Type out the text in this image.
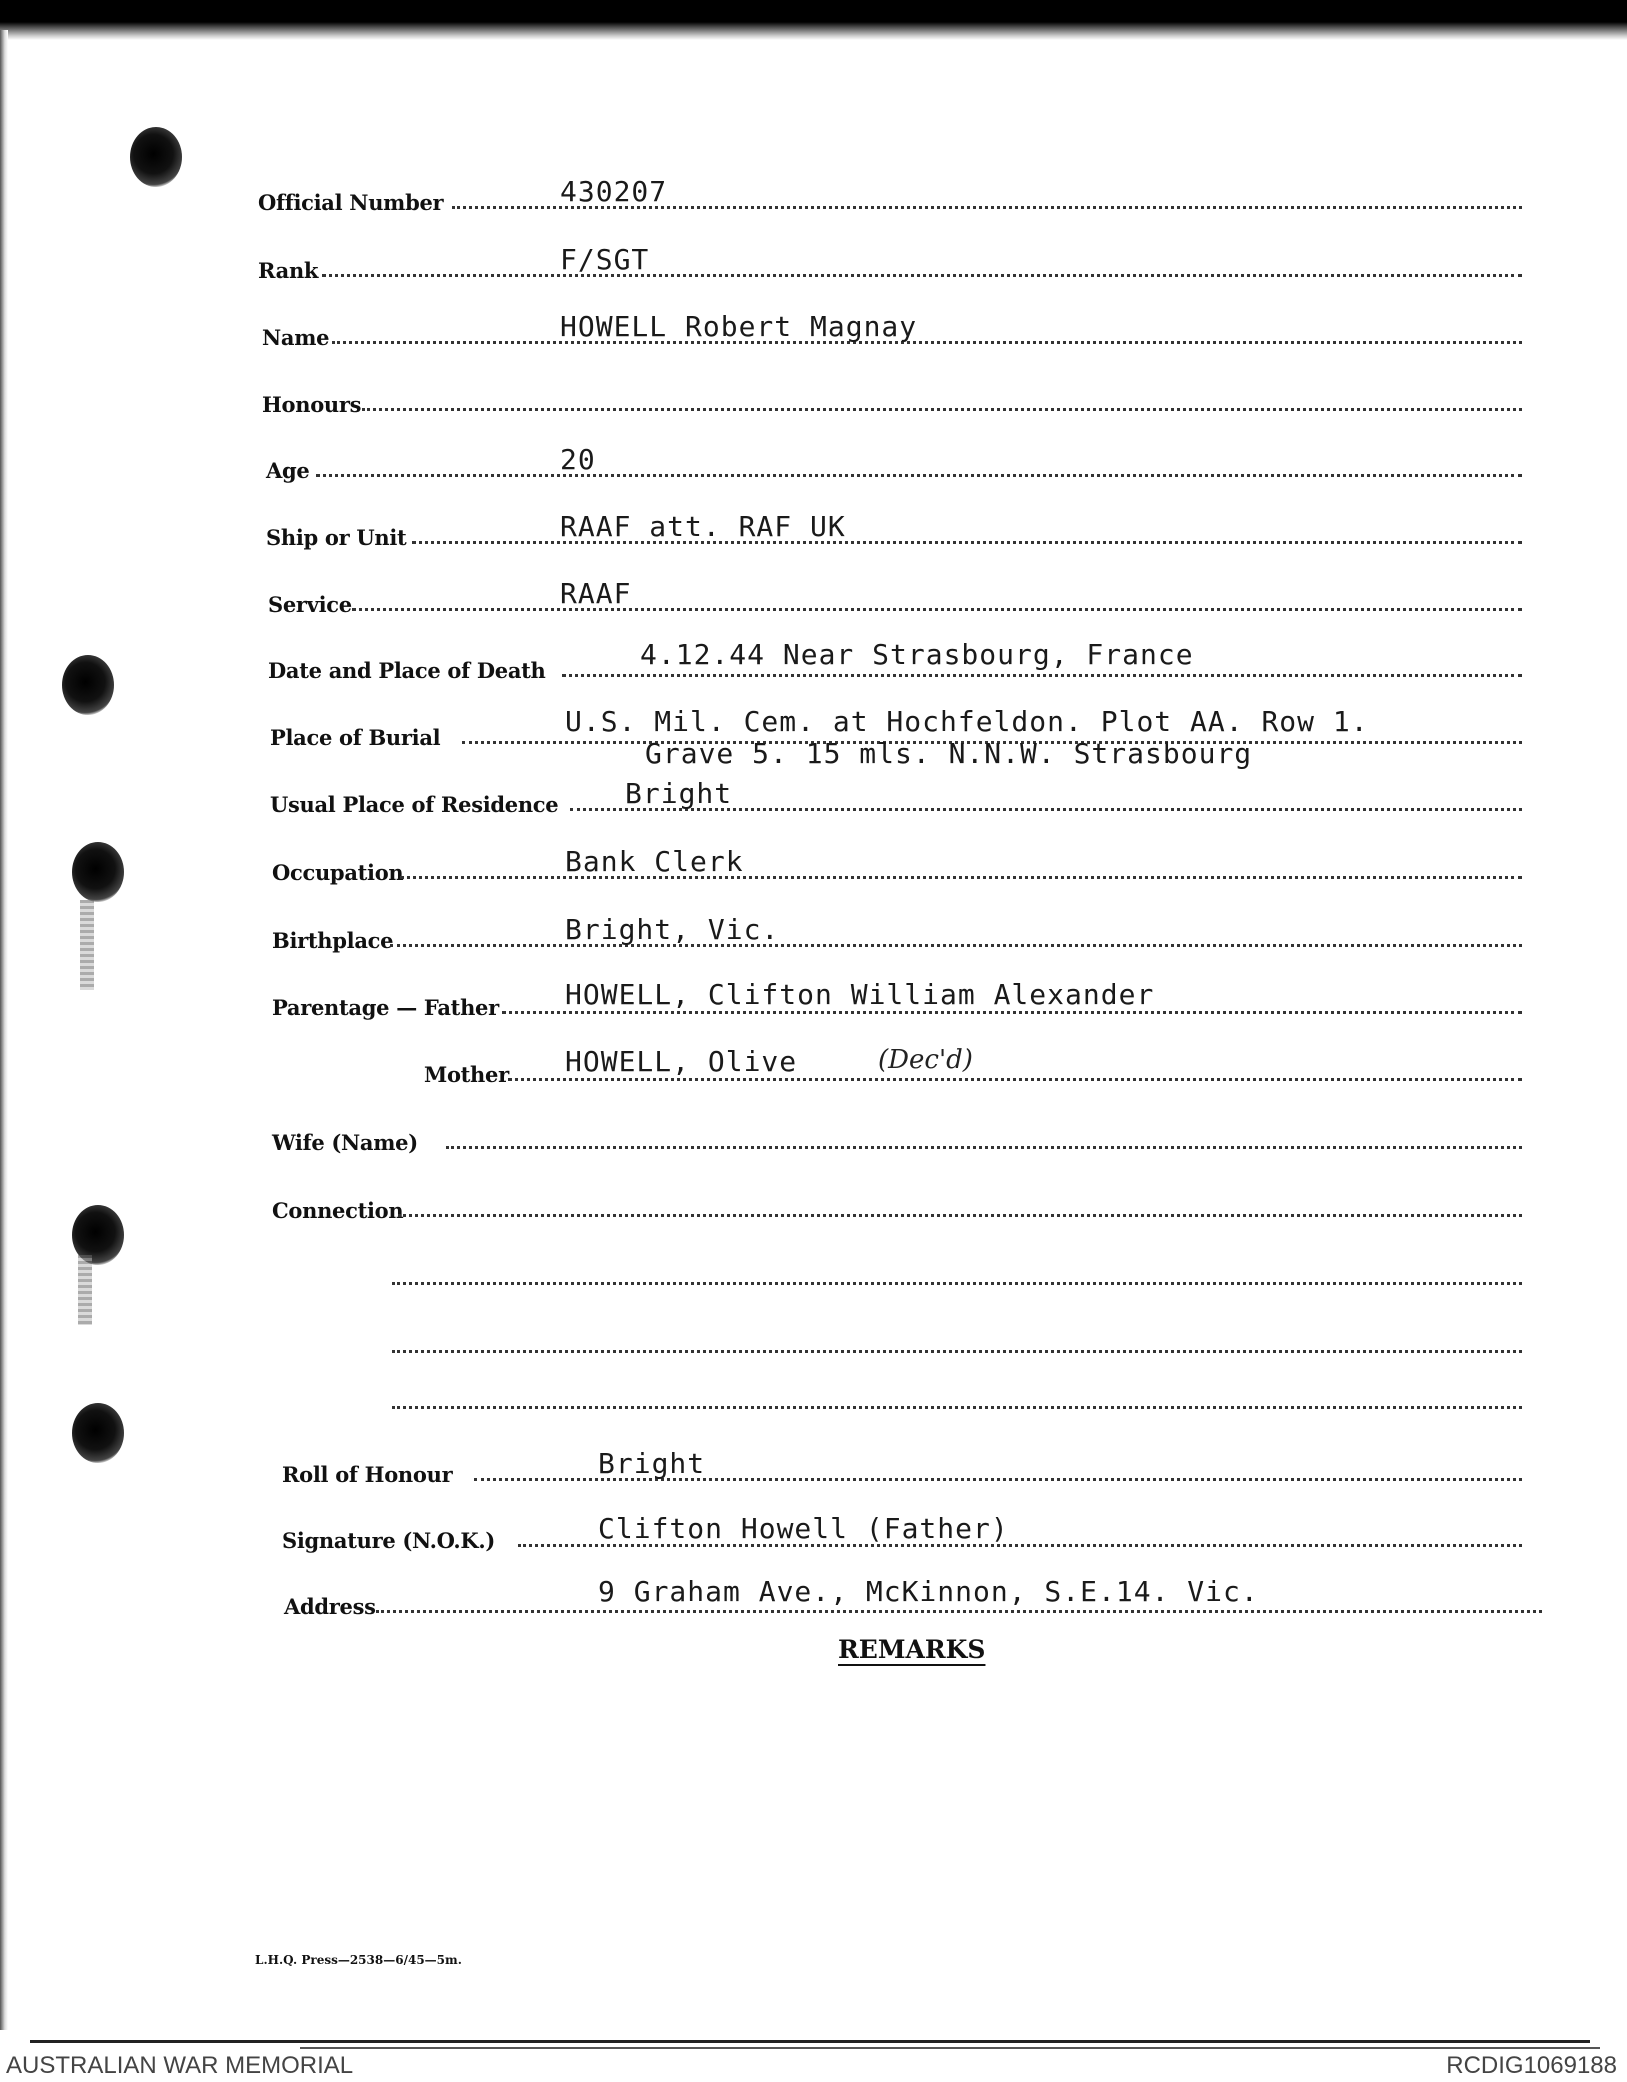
Official Number	430207
Rank	F/SGT
Name	HOWELL Robert Magnay
Honours
Age	20
Ship or Unit	RAAF att. RAF UK
Service	RAAF
Date and Place of Death	4.12.44 Near Strasbourg, France
Place of Burial	U.S. Mil. Cem. at Hochfeldon. Plot AA. Row 1.
Grave 5. 15 mls. N.N.W. Strasbourg
Usual Place of Residence Bright
Occupation	Bank Clerk
Birthplace	Bright, Vic.
Parentage — Father HOWELL, Clifton William Alexander
Mother HOWELL, Olive	(Dec'd)
Wife (Name)
Connection
Roll of Honour	Bright
Signature (N.O.K.)	Clifton Howell (Father)
Address	9 Graham Ave., McKinnon, S.E.14. Vic.
REMARKS
L.H.Q. Press—2538—6/45—5m.
AUSTRALIAN WAR MEMORIAL	RCDIG1069188
